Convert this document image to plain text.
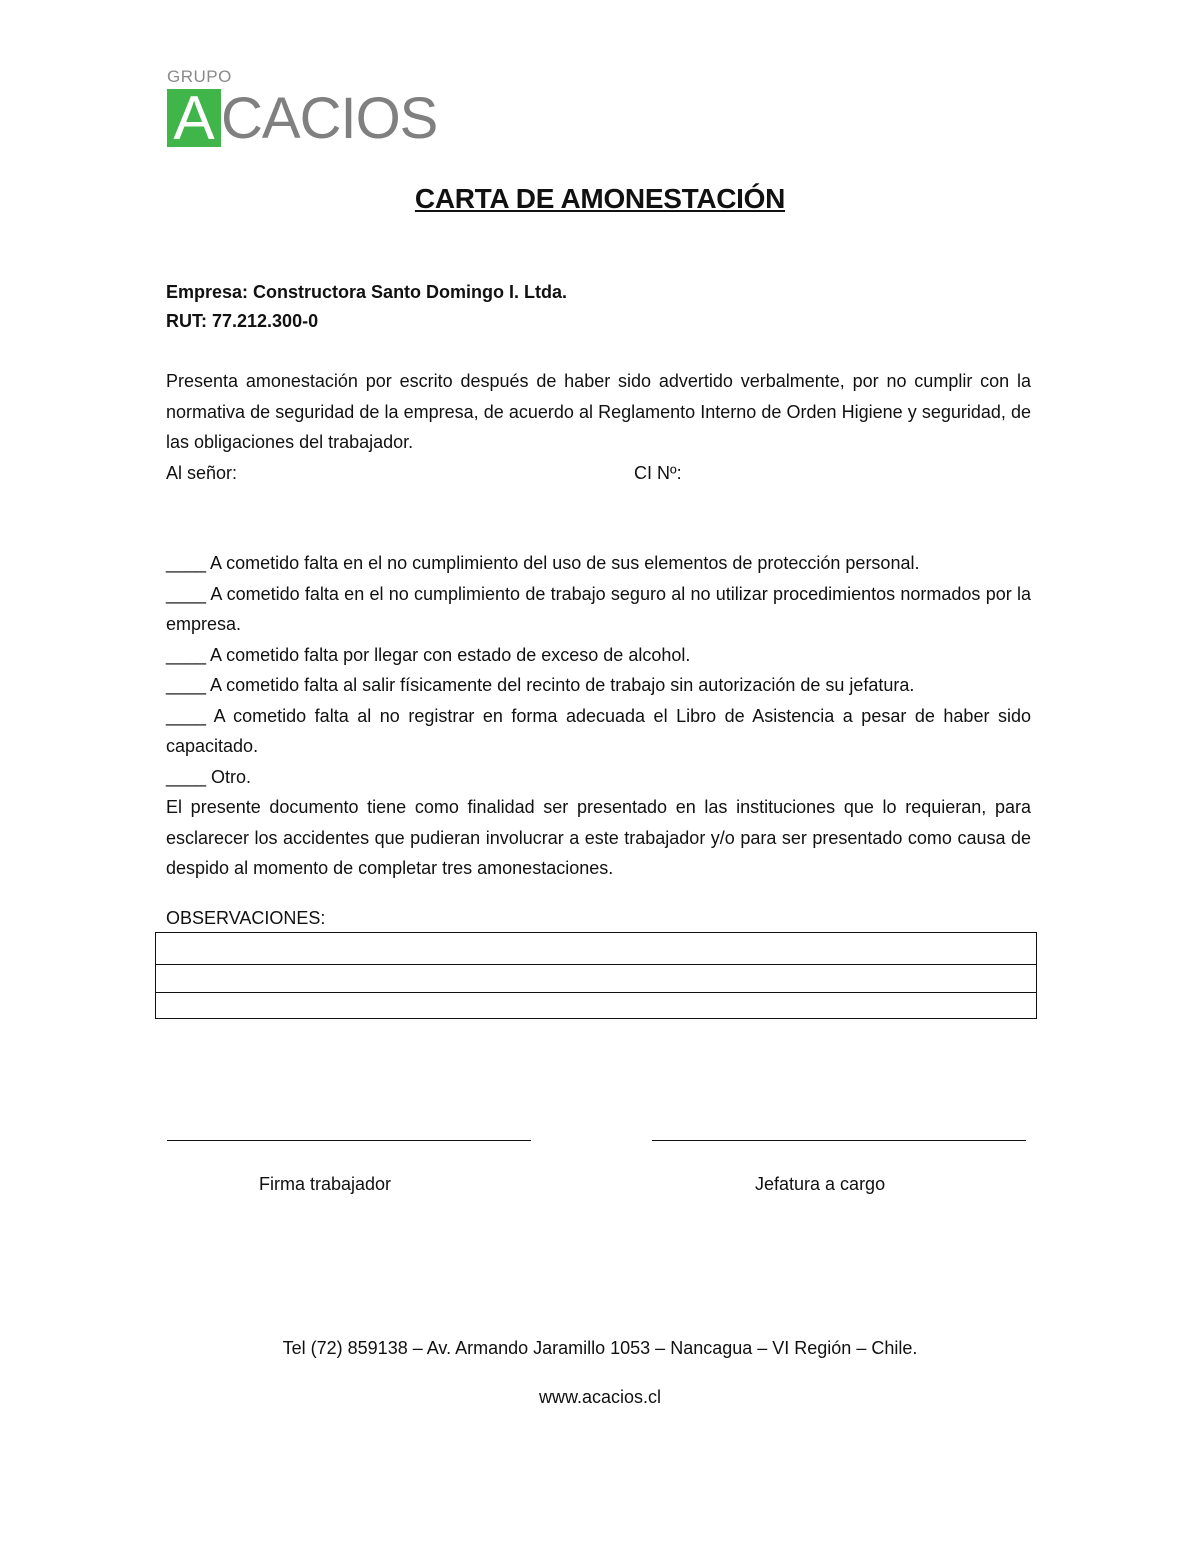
GRUPO
A CACIOS
CARTA DE AMONESTACIÓN
Empresa: Constructora Santo Domingo I. Ltda.
RUT: 77.212.300-0
Presenta amonestación por escrito después de haber sido advertido verbalmente, por no cumplir con la normativa de seguridad de la empresa, de acuerdo al Reglamento Interno de Orden Higiene y seguridad, de las obligaciones del trabajador.
Al señor:	CI Nº:
____ A cometido falta en el no cumplimiento del uso de sus elementos de protección personal.
____ A cometido falta en el no cumplimiento de trabajo seguro al no utilizar procedimientos normados por la empresa.
____ A cometido falta por llegar con estado de exceso de alcohol.
____ A cometido falta al salir físicamente del recinto de trabajo sin autorización de su jefatura.
____ A cometido falta al no registrar en forma adecuada el Libro de Asistencia a pesar de haber sido capacitado.
____ Otro.
El presente documento tiene como finalidad ser presentado en las instituciones que lo requieran, para esclarecer los accidentes que pudieran involucrar a este trabajador y/o para ser presentado como causa de despido al momento de completar tres amonestaciones.
OBSERVACIONES:
Firma trabajador	Jefatura a cargo
Tel (72) 859138 – Av. Armando Jaramillo 1053 – Nancagua – VI Región – Chile.
www.acacios.cl
